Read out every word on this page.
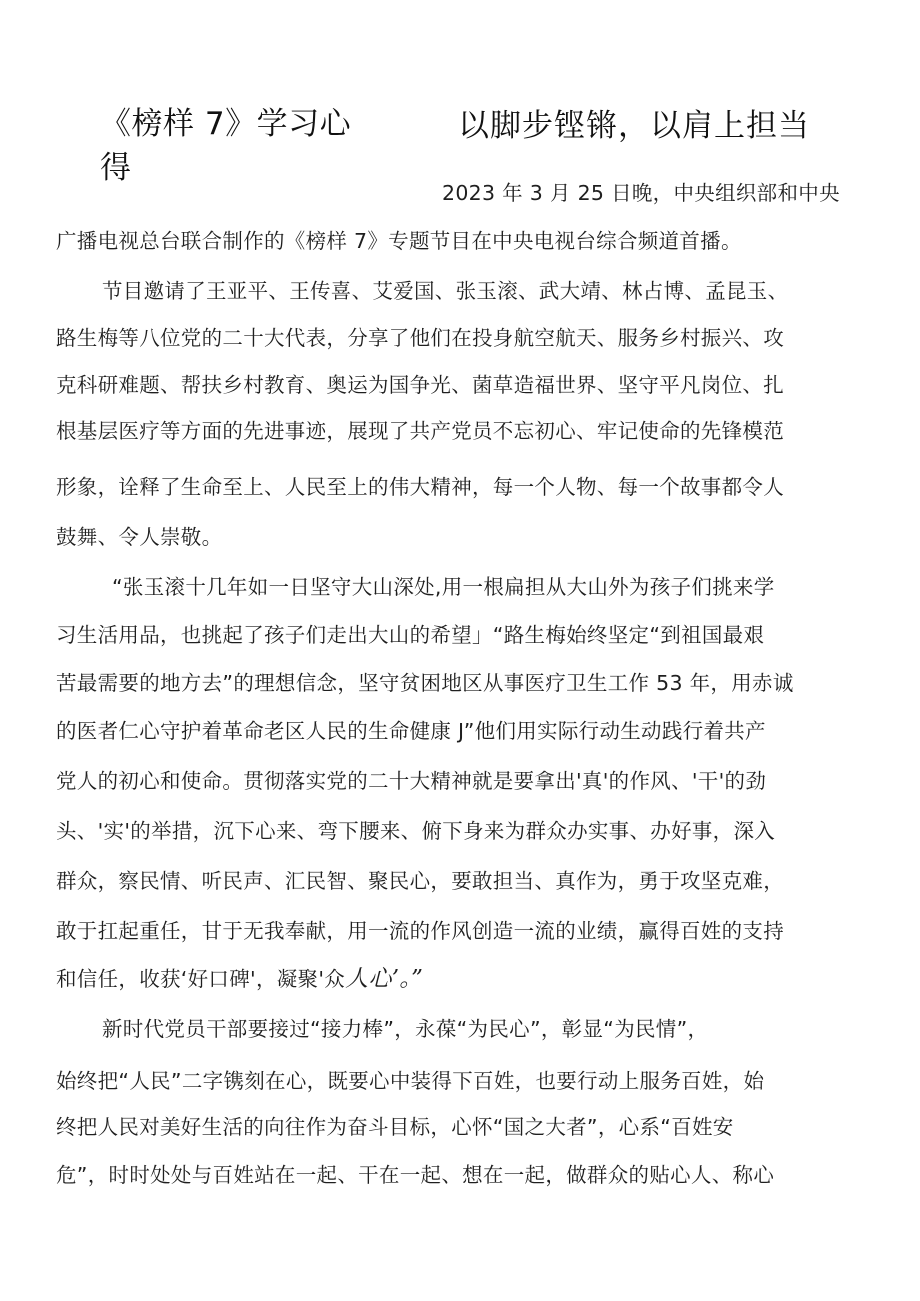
《榜样 7》学习心
得
以脚步铿锵，以肩上担当
2023 年 3 月 25 日晚，中央组织部和中央
广播电视总台联合制作的《榜样 7》专题节目在中央电视台综合频道首播。
节目邀请了王亚平、王传喜、艾爱国、张玉滚、武大靖、林占博、孟昆玉、
路生梅等八位党的二十大代表，分享了他们在投身航空航天、服务乡村振兴、攻
克科研难题、帮扶乡村教育、奥运为国争光、菌草造福世界、坚守平凡岗位、扎
根基层医疗等方面的先进事迹，展现了共产党员不忘初心、牢记使命的先锋模范
形象，诠释了生命至上、人民至上的伟大精神，每一个人物、每一个故事都令人
鼓舞、令人崇敬。
“张玉滚十几年如一日坚守大山深处,用一根扁担从大山外为孩子们挑来学
习生活用品，也挑起了孩子们走出大山的希望」“路生梅始终坚定“到祖国最艰
苦最需要的地方去”的理想信念，坚守贫困地区从事医疗卫生工作 53 年，用赤诚
的医者仁心守护着革命老区人民的生命健康 J”他们用实际行动生动践行着共产
党人的初心和使命。贯彻落实党的二十大精神就是要拿出'真'的作风、'干'的劲
头、'实'的举措，沉下心来、弯下腰来、俯下身来为群众办实事、办好事，深入
群众，察民情、听民声、汇民智、聚民心，要敢担当、真作为，勇于攻坚克难，
敢于扛起重任，甘于无我奉献，用一流的作风创造一流的业绩，赢得百姓的支持
和信任，收获‘好口碑'，凝聚'众人心’。”
新时代党员干部要接过“接力棒”，永葆“为民心”，彰显“为民情”，
始终把“人民”二字镌刻在心，既要心中装得下百姓，也要行动上服务百姓，始
终把人民对美好生活的向往作为奋斗目标，心怀“国之大者”，心系“百姓安
危”，时时处处与百姓站在一起、干在一起、想在一起，做群众的贴心人、称心
